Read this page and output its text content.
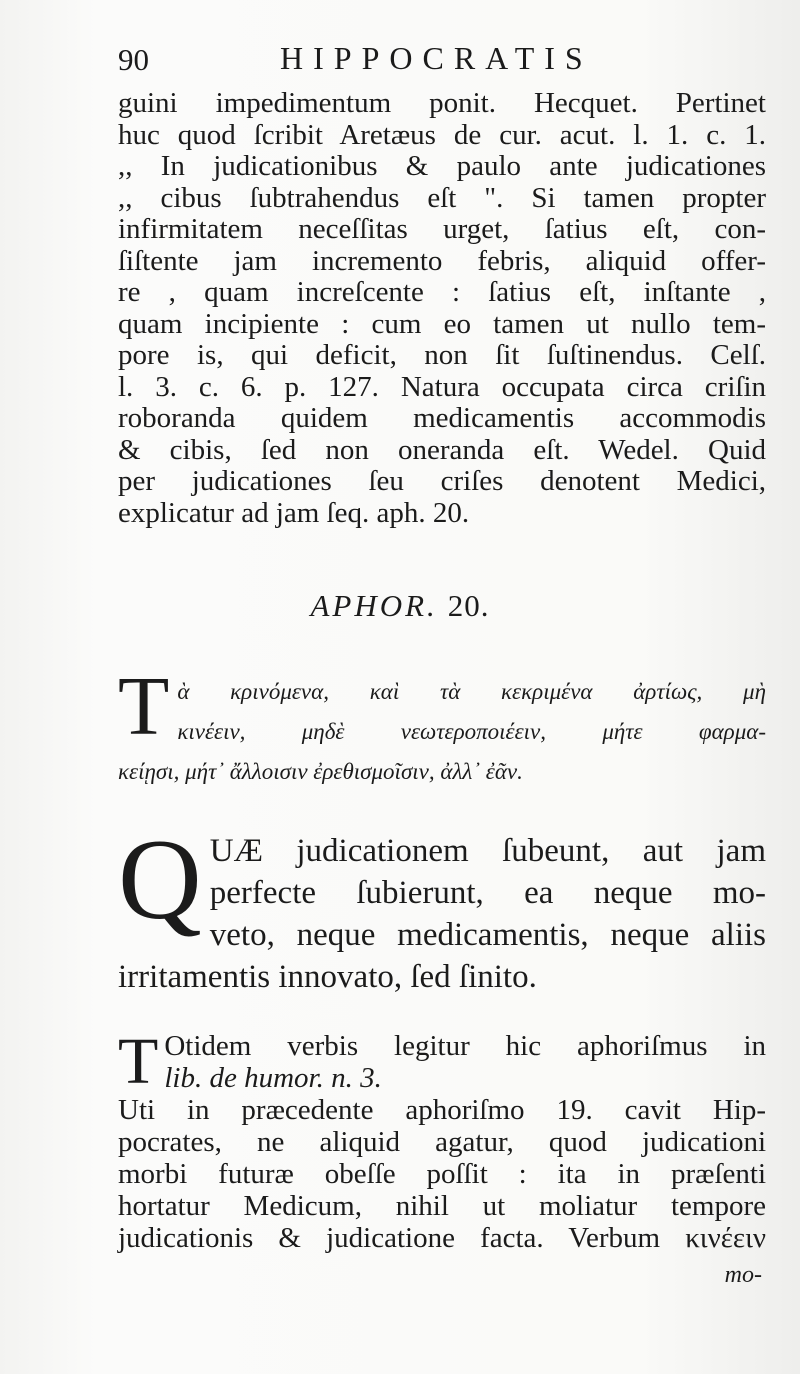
90	HIPPOCRATIS
guini impedimentum ponit. Hecquet. Pertinet
huc quod ſcribit Aretæus de cur. acut. l. 1. c. 1.
,, In judicationibus & paulo ante judicationes
,, cibus ſubtrahendus eſt ". Si tamen propter
infirmitatem neceſſitas urget, ſatius eſt, con-
ſiſtente jam incremento febris, aliquid offer-
re , quam increſcente : ſatius eſt, inſtante ,
quam incipiente : cum eo tamen ut nullo tem-
pore is, qui deficit, non ſit ſuſtinendus. Celſ.
l. 3. c. 6. p. 127. Natura occupata circa criſin
roboranda quidem medicamentis accommodis
& cibis, ſed non oneranda eſt. Wedel. Quid
per judicationes ſeu criſes denotent Medici,
explicatur ad jam ſeq. aph. 20.
APHOR. 20.
T ὰ κρινόμενα, καὶ τὰ κεκριμένα ἀρτίως, μὴ
κινέειν, μηδὲ νεωτεροποιέειν, μήτε φαρμα-
κείῃσι, μήτ᾽ ἄλλοισιν ἐρεθισμοῖσιν, ἀλλ᾽ ἐᾶν.
Q UÆ judicationem ſubeunt, aut jam
perfecte ſubierunt, ea neque mo-
veto, neque medicamentis, neque aliis
irritamentis innovato, ſed ſinito.
T Otidem verbis legitur hic aphoriſmus in
lib. de humor. n. 3.
Uti in præcedente aphoriſmo 19. cavit Hip-
pocrates, ne aliquid agatur, quod judicationi
morbi futuræ obeſſe poſſit : ita in præſenti
hortatur Medicum, nihil ut moliatur tempore
judicationis & judicatione facta. Verbum κινέειν
mo-
